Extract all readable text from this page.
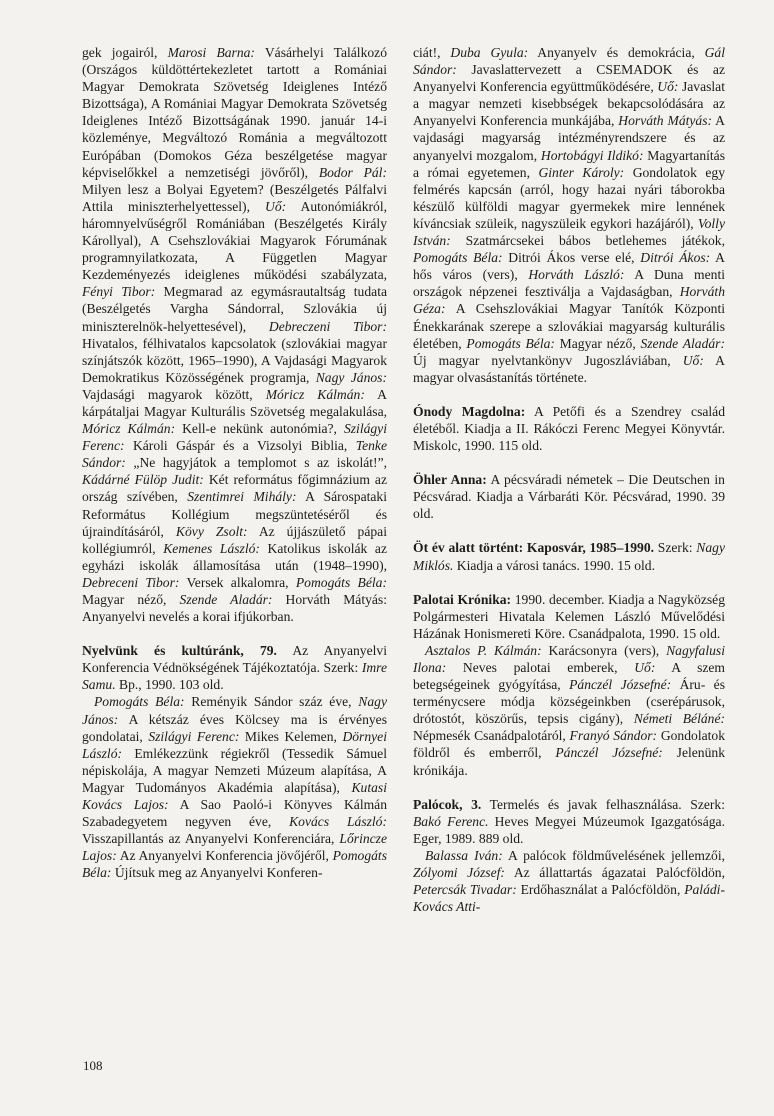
gek jogairól, Marosi Barna: Vásárhelyi Találkozó (Országos küldöttértekezletet tartott a Romániai Magyar Demokrata Szövetség Ideiglenes Intéző Bizottsága), A Romániai Magyar Demokrata Szövetség Ideiglenes Intéző Bizottságának 1990. január 14-i közleménye, Megváltozó Románia a megváltozott Európában (Domokos Géza beszélgetése magyar képviselőkkel a nemzetiségi jövőről), Bodor Pál: Milyen lesz a Bolyai Egyetem? (Beszélgetés Pálfalvi Attila miniszterhelyettessel), Uő: Autonómiákról, háromnyelvűségről Romániában (Beszélgetés Király Károllyal), A Csehszlovákiai Magyarok Fórumának programnyilatkozata, A Független Magyar Kezdeményezés ideiglenes működési szabályzata, Fényi Tibor: Megmarad az egymásrautaltság tudata (Beszélgetés Vargha Sándorral, Szlovákia új miniszterelnök-helyettesével), Debreczeni Tibor: Hivatalos, félhivatalos kapcsolatok (szlovákiai magyar színjátszók között, 1965–1990), A Vajdasági Magyarok Demokratikus Közösségének programja, Nagy János: Vajdasági magyarok között, Móricz Kálmán: A kárpátaljai Magyar Kulturális Szövetség megalakulása, Móricz Kálmán: Kell-e nekünk autonómia?, Szilágyi Ferenc: Károli Gáspár és a Vizsolyi Biblia, Tenke Sándor: „Ne hagyjátok a templomot s az iskolát!”, Kádárné Fülöp Judit: Két református főgimnázium az ország szívében, Szentimrei Mihály: A Sárospataki Református Kollégium megszüntetéséről és újraindításáról, Kövy Zsolt: Az újjászülető pápai kollégiumról, Kemenes László: Katolikus iskolák az egyházi iskolák államosítása után (1948–1990), Debreceni Tibor: Versek alkalomra, Pomogáts Béla: Magyar néző, Szende Aladár: Horváth Mátyás: Anyanyelvi nevelés a korai ifjúkorban.

Nyelvünk és kultúránk, 79. Az Anyanyelvi Konferencia Védnökségének Tájékoztatója. Szerk: Imre Samu. Bp., 1990. 103 old.

Pomogáts Béla: Reményik Sándor száz éve, Nagy János: A kétszáz éves Kölcsey ma is érvényes gondolatai, Szilágyi Ferenc: Mikes Kelemen, Dörnyei László: Emlékezzünk régiekről (Tessedik Sámuel népiskolája, A magyar Nemzeti Múzeum alapítása, A Magyar Tudományos Akadémia alapítása), Kutasi Kovács Lajos: A Sao Paoló-i Könyves Kálmán Szabadegyetem negyven éve, Kovács László: Visszapillantás az Anyanyelvi Konferenciára, Lőrincze Lajos: Az Anyanyelvi Konferencia jövőjéről, Pomogáts Béla: Újítsuk meg az Anyanyelvi Konferen-

ciát!, Duba Gyula: Anyanyelv és demokrácia, Gál Sándor: Javaslattervezett a CSEMADOK és az Anyanyelvi Konferencia együttműködésére, Uő: Javaslat a magyar nemzeti kisebbségek bekapcsolódására az Anyanyelvi Konferencia munkájába, Horváth Mátyás: A vajdasági magyarság intézményrendszere és az anyanyelvi mozgalom, Hortobágyi Ildikó: Magyartanítás a római egyetemen, Ginter Károly: Gondolatok egy felmérés kapcsán (arról, hogy hazai nyári táborokba készülő külföldi magyar gyermekek mire lennének kíváncsiak szüleik, nagyszüleik egykori hazájáról), Volly István: Szatmárcsekei bábos betlehemes játékok, Pomogáts Béla: Ditrói Ákos verse elé, Ditrói Ákos: A hős város (vers), Horváth László: A Duna menti országok népzenei fesztiválja a Vajdaságban, Horváth Géza: A Csehszlovákiai Magyar Tanítók Központi Énekkarának szerepe a szlovákiai magyarság kulturális életében, Pomogáts Béla: Magyar néző, Szende Aladár: Új magyar nyelvtankönyv Jugoszláviában, Uő: A magyar olvasástanítás története.

Ónody Magdolna: A Petőfi és a Szendrey család életéből. Kiadja a II. Rákóczi Ferenc Megyei Könyvtár. Miskolc, 1990. 115 old.

Öhler Anna: A pécsváradi németek – Die Deutschen in Pécsvárad. Kiadja a Várbaráti Kör. Pécsvárad, 1990. 39 old.

Öt év alatt történt: Kaposvár, 1985–1990. Szerk: Nagy Miklós. Kiadja a városi tanács. 1990. 15 old.

Palotai Krónika: 1990. december. Kiadja a Nagyközség Polgármesteri Hivatala Kelemen László Művelődési Házának Honismereti Köre. Csanádpalota, 1990. 15 old.

Asztalos P. Kálmán: Karácsonyra (vers), Nagyfalusi Ilona: Neves palotai emberek, Uő: A szem betegségeinek gyógyítása, Pánczél Józsefné: Áru- és terménycsere módja községeinkben (cserépárusok, drótostót, köszörűs, tepsis cigány), Németi Béláné: Népmesék Csanádpalotáról, Franyó Sándor: Gondolatok földről és emberről, Pánczél Józsefné: Jelenünk krónikája.

Palócok, 3. Termelés és javak felhasználása. Szerk: Bakó Ferenc. Heves Megyei Múzeumok Igazgatósága. Eger, 1989. 889 old.

Balassa Iván: A palócok földművelésének jellemzői, Zólyomi József: Az állattartás ágazatai Palócföldön, Petercsák Tivadar: Erdőhasználat a Palócföldön, Paládi-Kovács Atti-

108
